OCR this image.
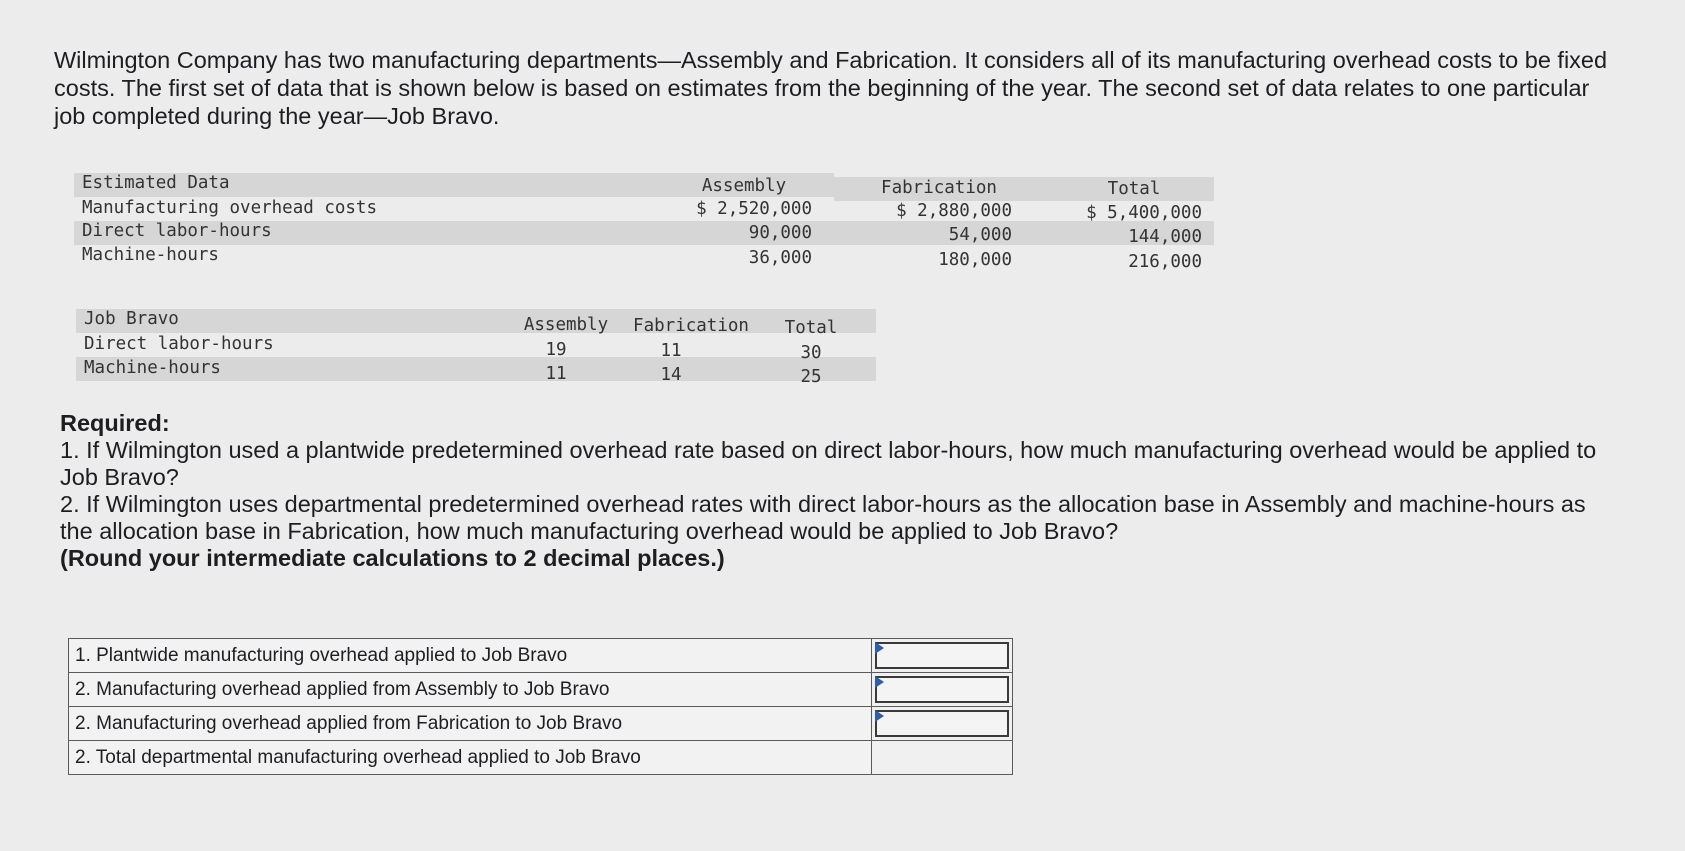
Wilmington Company has two manufacturing departments—Assembly and Fabrication. It considers all of its manufacturing overhead costs to be fixed costs. The first set of data that is shown below is based on estimates from the beginning of the year. The second set of data relates to one particular job completed during the year—Job Bravo.
Estimated Data	Assembly	Fabrication	Total
Manufacturing overhead costs	$ 2,520,000	$ 2,880,000	$ 5,400,000
Direct labor-hours	90,000	54,000	144,000
Machine-hours	36,000	180,000	216,000
Job Bravo	Assembly	Fabrication	Total
Direct labor-hours	19	11	30
Machine-hours	11	14	25
Required:
1. If Wilmington used a plantwide predetermined overhead rate based on direct labor-hours, how much manufacturing overhead would be applied to Job Bravo?
2. If Wilmington uses departmental predetermined overhead rates with direct labor-hours as the allocation base in Assembly and machine-hours as the allocation base in Fabrication, how much manufacturing overhead would be applied to Job Bravo?
(Round your intermediate calculations to 2 decimal places.)
1. Plantwide manufacturing overhead applied to Job Bravo	

2. Manufacturing overhead applied from Assembly to Job Bravo	

2. Manufacturing overhead applied from Fabrication to Job Bravo	

2. Total departmental manufacturing overhead applied to Job Bravo	
